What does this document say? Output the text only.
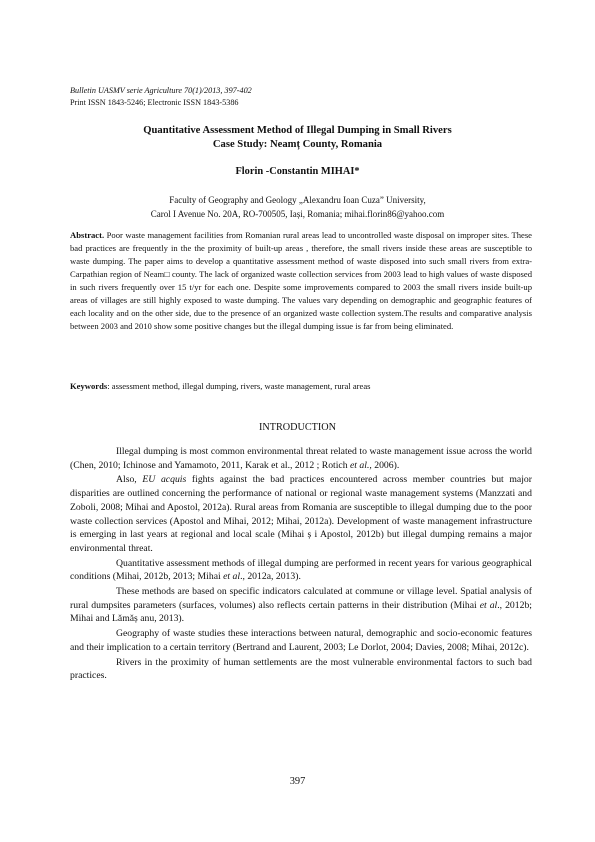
Bulletin UASMV serie Agriculture 70(1)/2013, 397-402
Print ISSN 1843-5246; Electronic ISSN 1843-5386
Quantitative Assessment Method of Illegal Dumping in Small Rivers
Case Study: Neamț County, Romania
Florin -Constantin MIHAI*
Faculty of Geography and Geology „Alexandru Ioan Cuza” University,
Carol I Avenue No. 20A, RO-700505, Iași, Romania; mihai.florin86@yahoo.com
Abstract. Poor waste management facilities from Romanian rural areas lead to uncontrolled waste disposal on improper sites. These bad practices are frequently in the the proximity of built-up areas , therefore, the small rivers inside these areas are susceptible to waste dumping. The paper aims to develop a quantitative assessment method of waste disposed into such small rivers from extra-Carpathian region of Neam□ county. The lack of organized waste collection services from 2003 lead to high values of waste disposed in such rivers frequently over 15 t/yr for each one. Despite some improvements compared to 2003 the small rivers inside built-up areas of villages are still highly exposed to waste dumping. The values vary depending on demographic and geographic features of each locality and on the other side, due to the presence of an organized waste collection system.The results and comparative analysis between 2003 and 2010 show some positive changes but the illegal dumping issue is far from being eliminated.
Keywords: assessment method, illegal dumping, rivers, waste management, rural areas
INTRODUCTION

Illegal dumping is most common environmental threat related to waste management issue across the world (Chen, 2010; Ichinose and Yamamoto, 2011, Karak et al., 2012 ; Rotich et al., 2006).

Also, EU acquis fights against the bad practices encountered across member countries but major disparities are outlined concerning the performance of national or regional waste management systems (Manzzati and Zoboli, 2008; Mihai and Apostol, 2012a). Rural areas from Romania are susceptible to illegal dumping due to the poor waste collection services (Apostol and Mihai, 2012; Mihai, 2012a). Development of waste management infrastructure is emerging in last years at regional and local scale (Mihai ș i Apostol, 2012b) but illegal dumping remains a major environmental threat.

Quantitative assessment methods of illegal dumping are performed in recent years for various geographical conditions (Mihai, 2012b, 2013; Mihai et al., 2012a, 2013).

These methods are based on specific indicators calculated at commune or village level. Spatial analysis of rural dumpsites parameters (surfaces, volumes) also reflects certain patterns in their distribution (Mihai et al., 2012b; Mihai and Lămăș anu, 2013).

Geography of waste studies these interactions between natural, demographic and socio-economic features and their implication to a certain territory (Bertrand and Laurent, 2003; Le Dorlot, 2004; Davies, 2008; Mihai, 2012c).

Rivers in the proximity of human settlements are the most vulnerable environmental factors to such bad practices.

397
